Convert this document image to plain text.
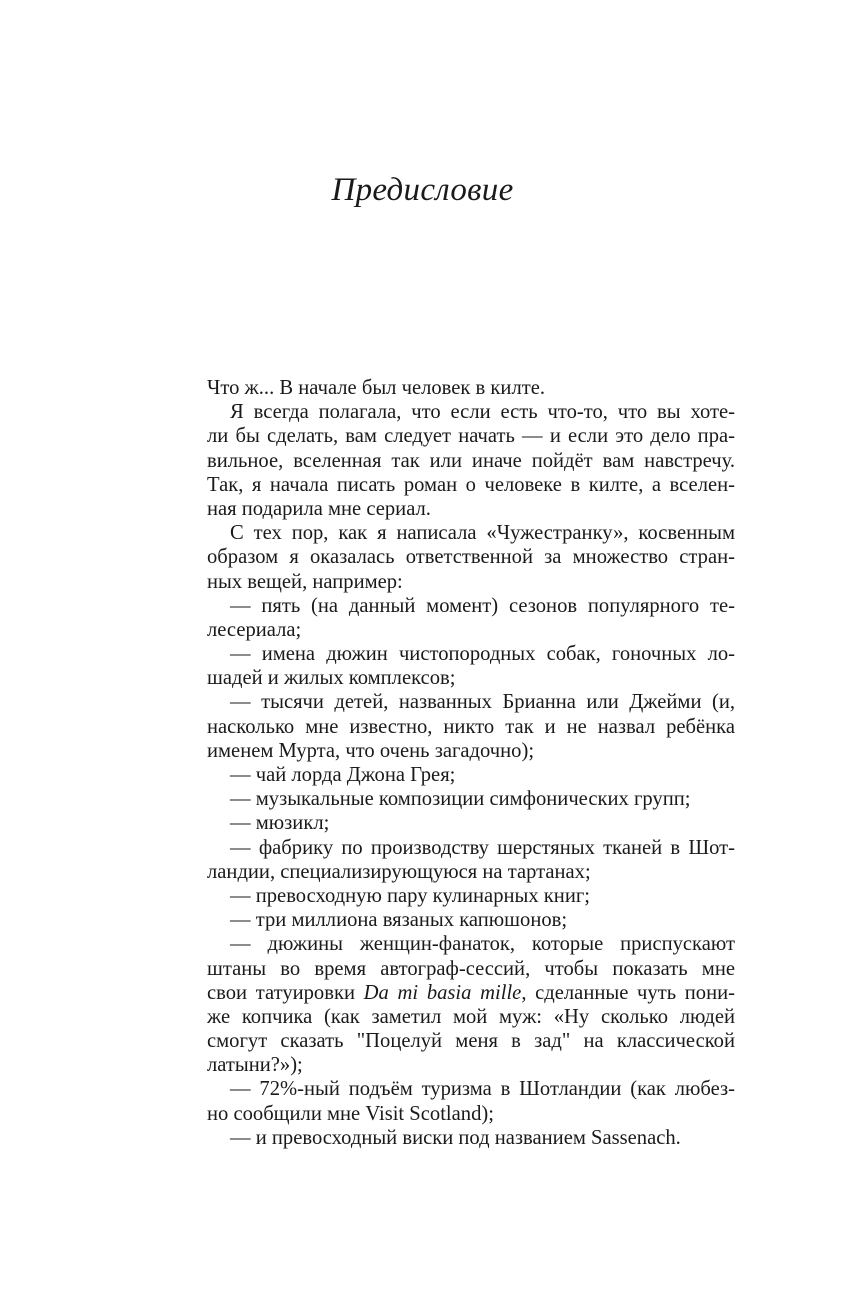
Предисловие
Что ж... В начале был человек в килте.
Я всегда полагала, что если есть что-то, что вы хоте-
ли бы сделать, вам следует начать — и если это дело пра-
вильное, вселенная так или иначе пойдёт вам навстречу.
Так, я начала писать роман о человеке в килте, а вселен-
ная подарила мне сериал.
С тех пор, как я написала «Чужестранку», косвенным
образом я оказалась ответственной за множество стран-
ных вещей, например:
— пять (на данный момент) сезонов популярного те-
лесериала;
— имена дюжин чистопородных собак, гоночных ло-
шадей и жилых комплексов;
— тысячи детей, названных Брианна или Джейми (и,
насколько мне известно, никто так и не назвал ребёнка
именем Мурта, что очень загадочно);
— чай лорда Джона Грея;
— музыкальные композиции симфонических групп;
— мюзикл;
— фабрику по производству шерстяных тканей в Шот-
ландии, специализирующуюся на тартанах;
— превосходную пару кулинарных книг;
— три миллиона вязаных капюшонов;
— дюжины женщин-фанаток, которые приспускают
штаны во время автограф-сессий, чтобы показать мне
свои татуировки Da mi basia mille, сделанные чуть пони-
же копчика (как заметил мой муж: «Ну сколько людей
смогут сказать "Поцелуй меня в зад" на классической
латыни?»);
— 72%-ный подъём туризма в Шотландии (как любез-
но сообщили мне Visit Scotland);
— и превосходный виски под названием Sassenach.
